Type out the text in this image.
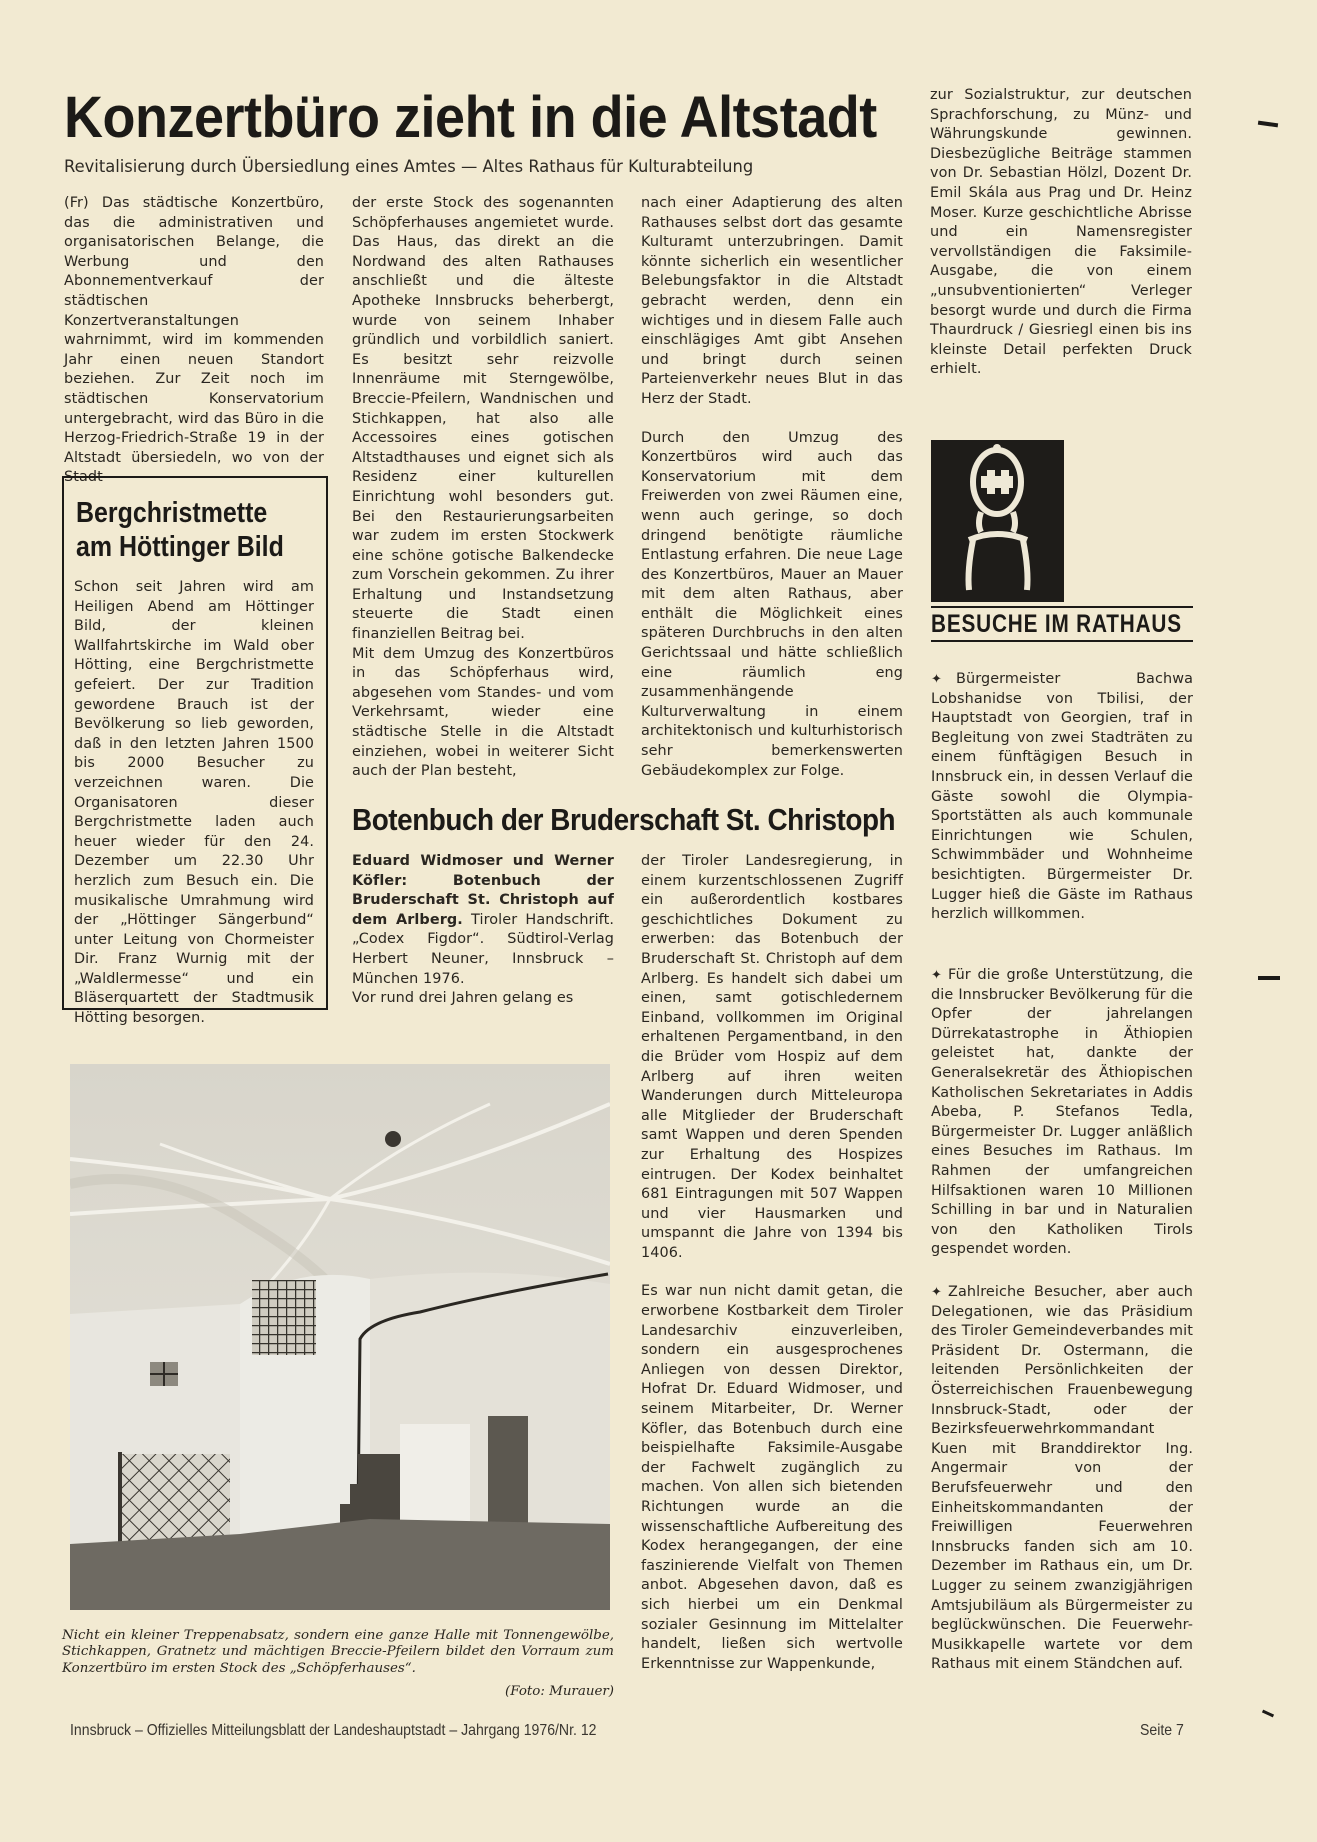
Konzertbüro zieht in die Altstadt
Revitalisierung durch Übersiedlung eines Amtes — Altes Rathaus für Kulturabteilung

(Fr) Das städtische Konzertbüro, das die administrativen und organisatorischen Belange, die Werbung und den Abonnementverkauf der städtischen Konzertveranstaltungen wahrnimmt, wird im kommenden Jahr einen neuen Standort beziehen. Zur Zeit noch im städtischen Konservatorium untergebracht, wird das Büro in die Herzog-Friedrich-Straße 19 in der Altstadt übersiedeln, wo von der Stadt

der erste Stock des sogenannten Schöpferhauses angemietet wurde. Das Haus, das direkt an die Nordwand des alten Rathauses anschließt und die älteste Apotheke Innsbrucks beherbergt, wurde von seinem Inhaber gründlich und vorbildlich saniert. Es besitzt sehr reizvolle Innenräume mit Sterngewölbe, Breccie-Pfeilern, Wandnischen und Stichkappen, hat also alle Accessoires eines gotischen Altstadthauses und eignet sich als Residenz einer kulturellen Einrichtung wohl besonders gut. Bei den Restaurierungsarbeiten war zudem im ersten Stockwerk eine schöne gotische Balkendecke zum Vorschein gekommen. Zu ihrer Erhaltung und Instandsetzung steuerte die Stadt einen finanziellen Beitrag bei.

Mit dem Umzug des Konzertbüros in das Schöpferhaus wird, abgesehen vom Standes- und vom Verkehrsamt, wieder eine städtische Stelle in die Altstadt einziehen, wobei in weiterer Sicht auch der Plan besteht,

nach einer Adaptierung des alten Rathauses selbst dort das gesamte Kulturamt unterzubringen. Damit könnte sicherlich ein wesentlicher Belebungsfaktor in die Altstadt gebracht werden, denn ein wichtiges und in diesem Falle auch einschlägiges Amt gibt Ansehen und bringt durch seinen Parteienverkehr neues Blut in das Herz der Stadt.

Durch den Umzug des Konzertbüros wird auch das Konservatorium mit dem Freiwerden von zwei Räumen eine, wenn auch geringe, so doch dringend benötigte räumliche Entlastung erfahren. Die neue Lage des Konzertbüros, Mauer an Mauer mit dem alten Rathaus, aber enthält die Möglichkeit eines späteren Durchbruchs in den alten Gerichtssaal und hätte schließlich eine räumlich eng zusammenhängende Kulturverwaltung in einem architektonisch und kulturhistorisch sehr bemerkenswerten Gebäudekomplex zur Folge.

Bergchristmette
am Höttinger Bild

Schon seit Jahren wird am Heiligen Abend am Höttinger Bild, der kleinen Wallfahrtskirche im Wald ober Hötting, eine Bergchristmette gefeiert. Der zur Tradition gewordene Brauch ist der Bevölkerung so lieb geworden, daß in den letzten Jahren 1500 bis 2000 Besucher zu verzeichnen waren. Die Organisatoren dieser Bergchristmette laden auch heuer wieder für den 24. Dezember um 22.30 Uhr herzlich zum Besuch ein. Die musikalische Umrahmung wird der „Höttinger Sängerbund“ unter Leitung von Chormeister Dir. Franz Wurnig mit der „Waldlermesse“ und ein Bläserquartett der Stadtmusik Hötting besorgen.

Botenbuch der Bruderschaft St. Christoph

Eduard Widmoser und Werner Köfler: Botenbuch der Bruderschaft St. Christoph auf dem Arlberg. Tiroler Handschrift. „Codex Figdor“. Südtirol-Verlag Herbert Neuner, Innsbruck – München 1976.

Vor rund drei Jahren gelang es

der Tiroler Landesregierung, in einem kurzentschlossenen Zugriff ein außerordentlich kostbares geschichtliches Dokument zu erwerben: das Botenbuch der Bruderschaft St. Christoph auf dem Arlberg. Es handelt sich dabei um einen, samt gotischledernem Einband, vollkommen im Original erhaltenen Pergamentband, in den die Brüder vom Hospiz auf dem Arlberg auf ihren weiten Wanderungen durch Mitteleuropa alle Mitglieder der Bruderschaft samt Wappen und deren Spenden zur Erhaltung des Hospizes eintrugen. Der Kodex beinhaltet 681 Eintragungen mit 507 Wappen und vier Hausmarken und umspannt die Jahre von 1394 bis 1406.

Es war nun nicht damit getan, die erworbene Kostbarkeit dem Tiroler Landesarchiv einzuverleiben, sondern ein ausgesprochenes Anliegen von dessen Direktor, Hofrat Dr. Eduard Widmoser, und seinem Mitarbeiter, Dr. Werner Köfler, das Botenbuch durch eine beispielhafte Faksimile-Ausgabe der Fachwelt zugänglich zu machen. Von allen sich bietenden Richtungen wurde an die wissenschaftliche Aufbereitung des Kodex herangegangen, der eine faszinierende Vielfalt von Themen anbot. Abgesehen davon, daß es sich hierbei um ein Denkmal sozialer Gesinnung im Mittelalter handelt, ließen sich wertvolle Erkenntnisse zur Wappenkunde,

zur Sozialstruktur, zur deutschen Sprachforschung, zu Münz- und Währungskunde gewinnen. Diesbezügliche Beiträge stammen von Dr. Sebastian Hölzl, Dozent Dr. Emil Skála aus Prag und Dr. Heinz Moser. Kurze geschichtliche Abrisse und ein Namensregister vervollständigen die Faksimile-Ausgabe, die von einem „unsubventionierten“ Verleger besorgt wurde und durch die Firma Thaurdruck / Giesriegl einen bis ins kleinste Detail perfekten Druck erhielt.

Nicht ein kleiner Treppenabsatz, sondern eine ganze Halle mit Tonnengewölbe, Stichkappen, Gratnetz und mächtigen Breccie-Pfeilern bildet den Vorraum zum Konzertbüro im ersten Stock des „Schöpferhauses“.
(Foto: Murauer)
BESUCHE IM RATHAUS

✦ Bürgermeister Bachwa Lobshanidse von Tbilisi, der Hauptstadt von Georgien, traf in Begleitung von zwei Stadträten zu einem fünftägigen Besuch in Innsbruck ein, in dessen Verlauf die Gäste sowohl die Olympia-Sportstätten als auch kommunale Einrichtungen wie Schulen, Schwimmbäder und Wohnheime besichtigten. Bürgermeister Dr. Lugger hieß die Gäste im Rathaus herzlich willkommen.

✦ Für die große Unterstützung, die die Innsbrucker Bevölkerung für die Opfer der jahrelangen Dürrekatastrophe in Äthiopien geleistet hat, dankte der Generalsekretär des Äthiopischen Katholischen Sekretariates in Addis Abeba, P. Stefanos Tedla, Bürgermeister Dr. Lugger anläßlich eines Besuches im Rathaus. Im Rahmen der umfangreichen Hilfsaktionen waren 10 Millionen Schilling in bar und in Naturalien von den Katholiken Tirols gespendet worden.

✦ Zahlreiche Besucher, aber auch Delegationen, wie das Präsidium des Tiroler Gemeindeverbandes mit Präsident Dr. Ostermann, die leitenden Persönlichkeiten der Österreichischen Frauenbewegung Innsbruck-Stadt, oder der Bezirksfeuerwehrkommandant Kuen mit Branddirektor Ing. Angermair von der Berufsfeuerwehr und den Einheitskommandanten der Freiwilligen Feuerwehren Innsbrucks fanden sich am 10. Dezember im Rathaus ein, um Dr. Lugger zu seinem zwanzigjährigen Amtsjubiläum als Bürgermeister zu beglückwünschen. Die Feuerwehr-Musikkapelle wartete vor dem Rathaus mit einem Ständchen auf.

Innsbruck – Offizielles Mitteilungsblatt der Landeshauptstadt – Jahrgang 1976/Nr. 12	Seite 7
